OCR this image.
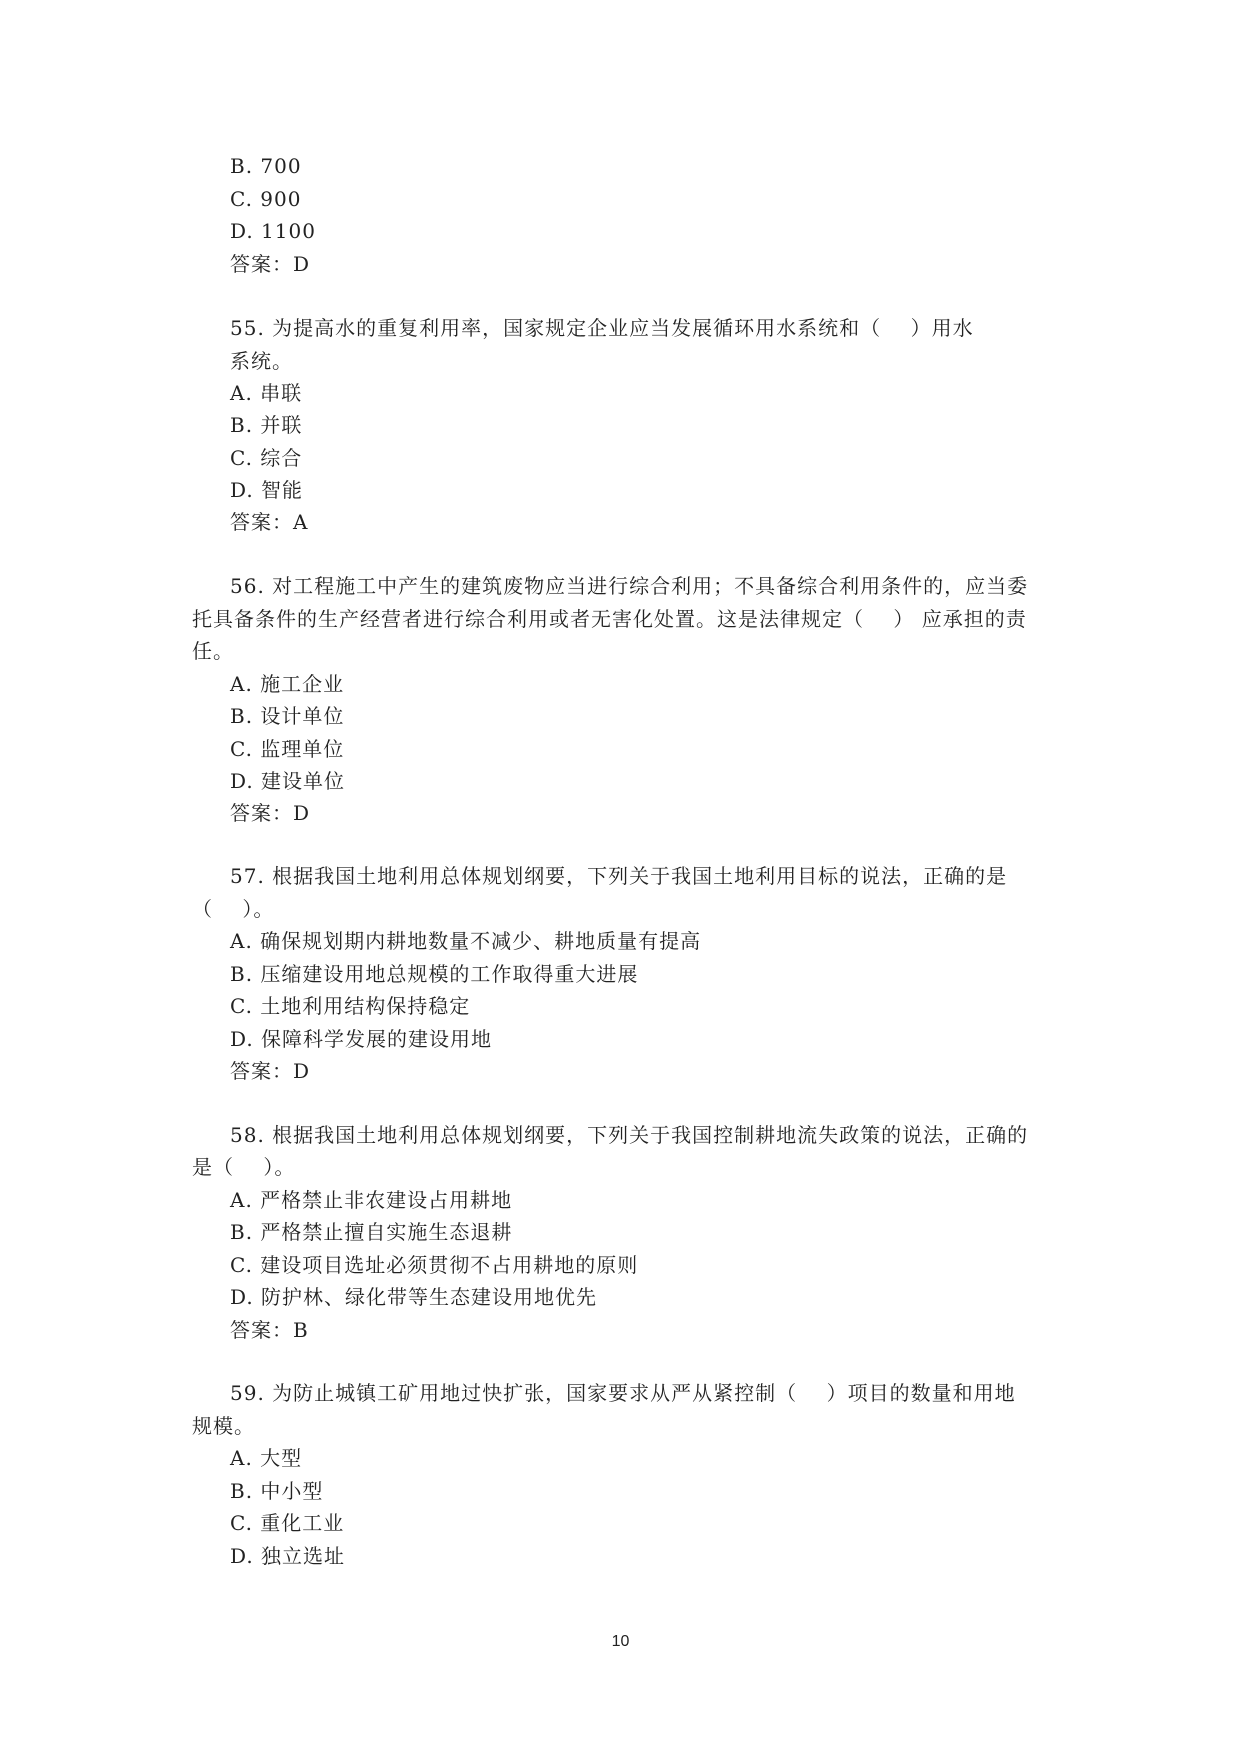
B. 700
C. 900
D. 1100
答案：D
55. 为提高水的重复利用率，国家规定企业应当发展循环用水系统和（    ）用水
系统。
A. 串联
B. 并联
C. 综合
D. 智能
答案：A
56. 对工程施工中产生的建筑废物应当进行综合利用；不具备综合利用条件的，应当委
托具备条件的生产经营者进行综合利用或者无害化处置。这是法律规定（    ） 应承担的责
任。
A. 施工企业
B. 设计单位
C. 监理单位
D. 建设单位
答案：D
57. 根据我国土地利用总体规划纲要，下列关于我国土地利用目标的说法，正确的是
（    ）。
A. 确保规划期内耕地数量不减少、耕地质量有提高
B. 压缩建设用地总规模的工作取得重大进展
C. 土地利用结构保持稳定
D. 保障科学发展的建设用地
答案：D
58. 根据我国土地利用总体规划纲要，下列关于我国控制耕地流失政策的说法，正确的
是（    ）。
A. 严格禁止非农建设占用耕地
B. 严格禁止擅自实施生态退耕
C. 建设项目选址必须贯彻不占用耕地的原则
D. 防护林、绿化带等生态建设用地优先
答案：B
59. 为防止城镇工矿用地过快扩张，国家要求从严从紧控制（    ）项目的数量和用地
规模。
A. 大型
B. 中小型
C. 重化工业
D. 独立选址
10
